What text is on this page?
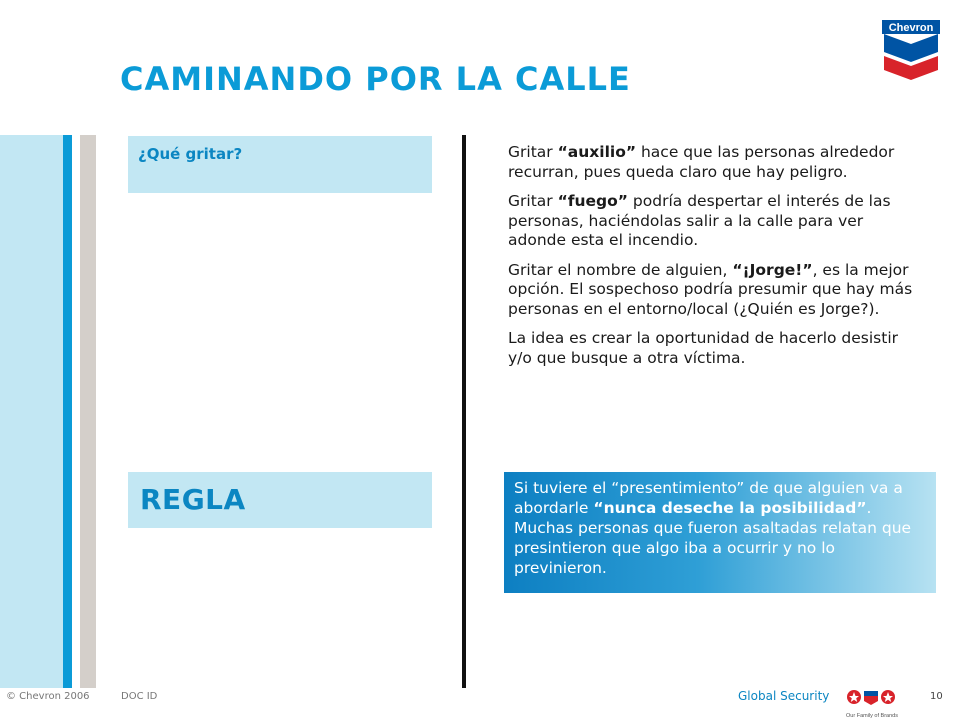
CAMINANDO POR LA CALLE
Chevron
¿Qué gritar?
REGLA

Gritar “auxilio” hace que las personas alrededor recurran, pues queda claro que hay peligro.

Gritar “fuego” podría despertar el interés de las personas, haciéndolas salir a la calle para ver adonde esta el incendio.

Gritar el nombre de alguien, “¡Jorge!”, es la mejor opción. El sospechoso podría presumir que hay más personas en el entorno/local (¿Quién es Jorge?).

La idea es crear la oportunidad de hacerlo desistir y/o que busque a otra víctima.

Si tuviere el “presentimiento” de que alguien va a abordarle “nunca deseche la posibilidad”. Muchas personas que fueron asaltadas relatan que presintieron que algo iba a ocurrir y no lo previnieron.
© Chevron 2006	DOC ID	Global Security
Our Family of Brands
10
